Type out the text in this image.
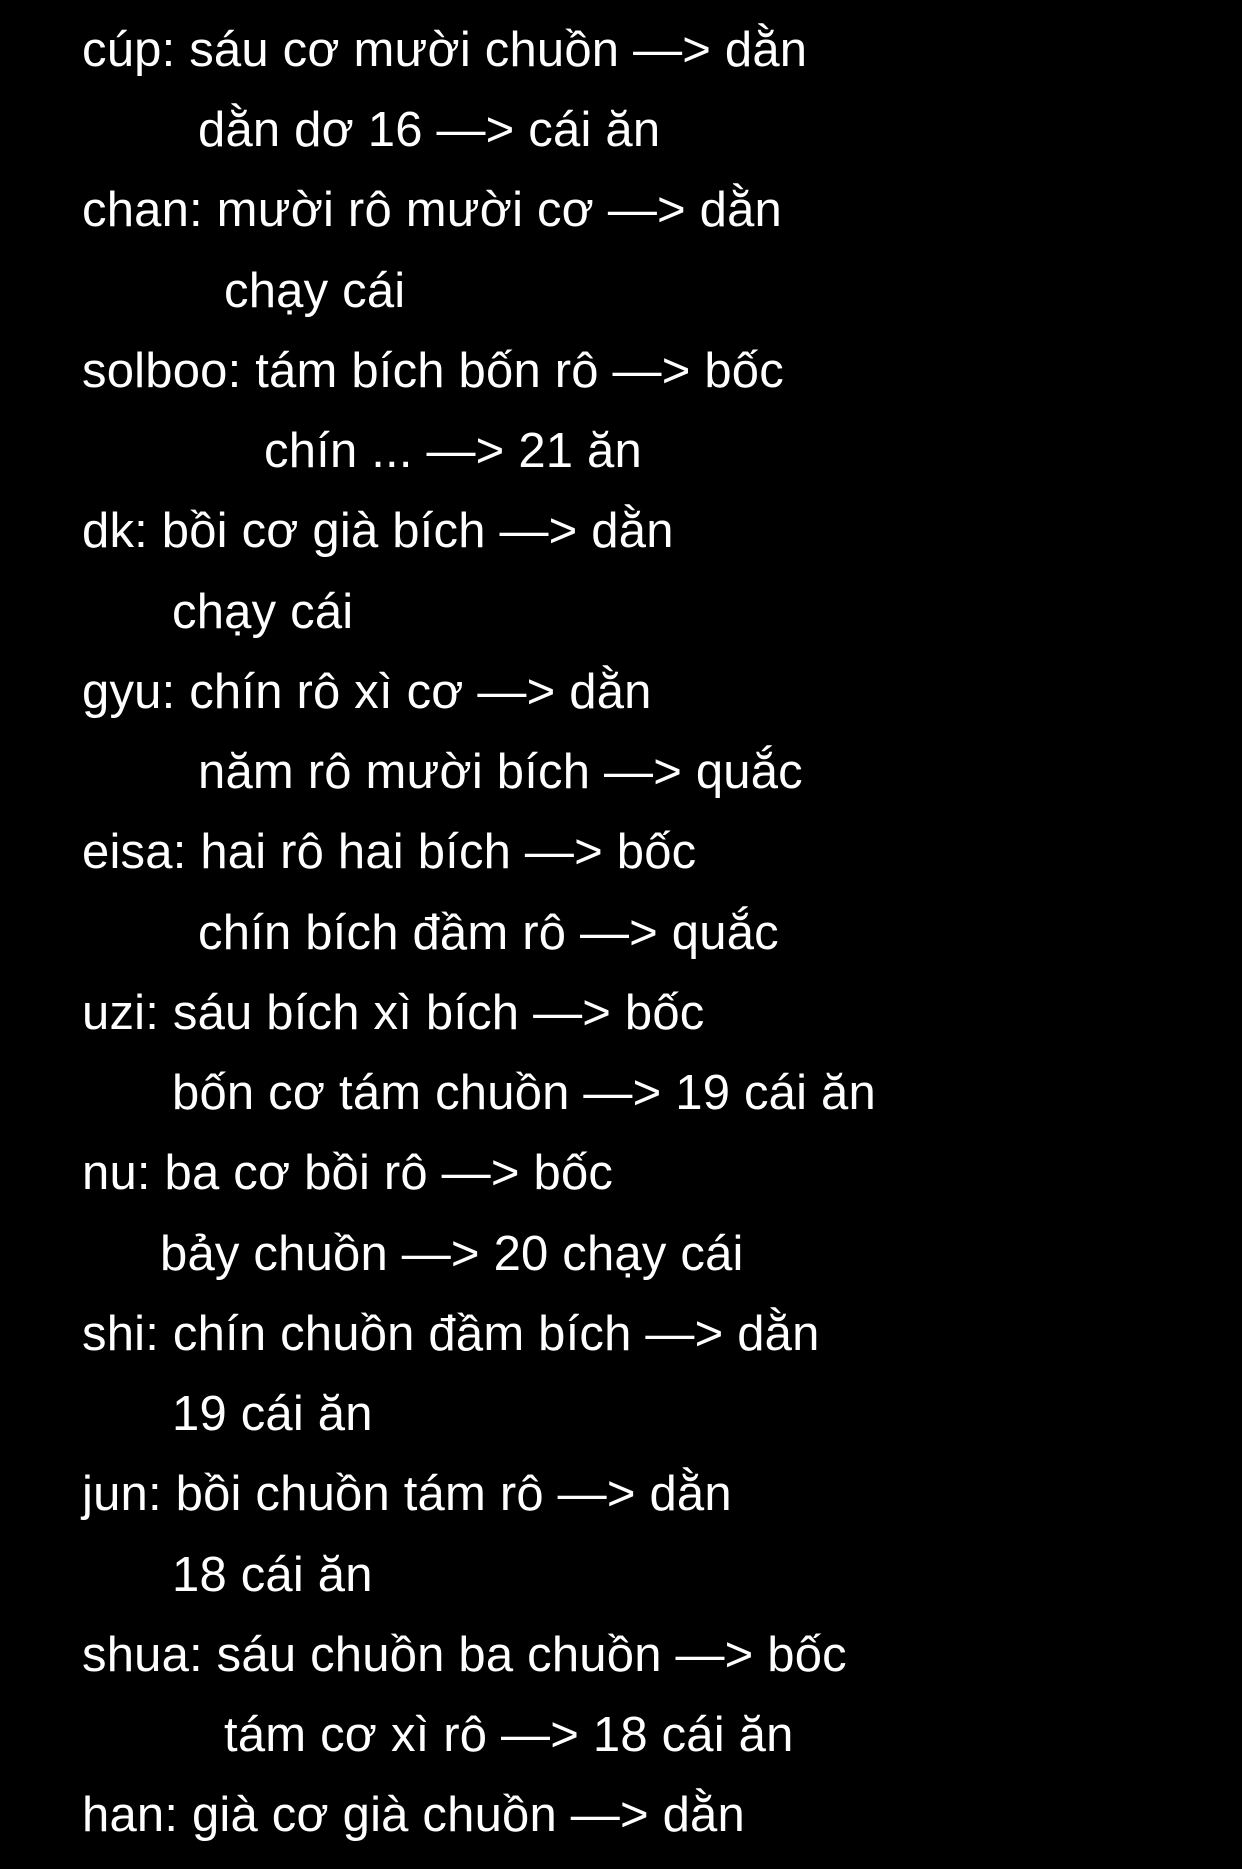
cúp: sáu cơ mười chuồn —> dằn
dằn dơ 16 —> cái ăn
chan: mười rô mười cơ —> dằn
chạy cái
solboo: tám bích bốn rô —> bốc
chín ... —> 21 ăn
dk: bồi cơ già bích —> dằn
chạy cái
gyu: chín rô xì cơ —> dằn
năm rô mười bích —> quắc
eisa: hai rô hai bích —> bốc
chín bích đầm rô —> quắc
uzi: sáu bích xì bích —> bốc
bốn cơ tám chuồn —> 19 cái ăn
nu: ba cơ bồi rô —> bốc
bảy chuồn —> 20 chạy cái
shi: chín chuồn đầm bích —> dằn
19 cái ăn
jun: bồi chuồn tám rô —> dằn
18 cái ăn
shua: sáu chuồn ba chuồn —> bốc
tám cơ xì rô —> 18 cái ăn
han: già cơ già chuồn —> dằn
